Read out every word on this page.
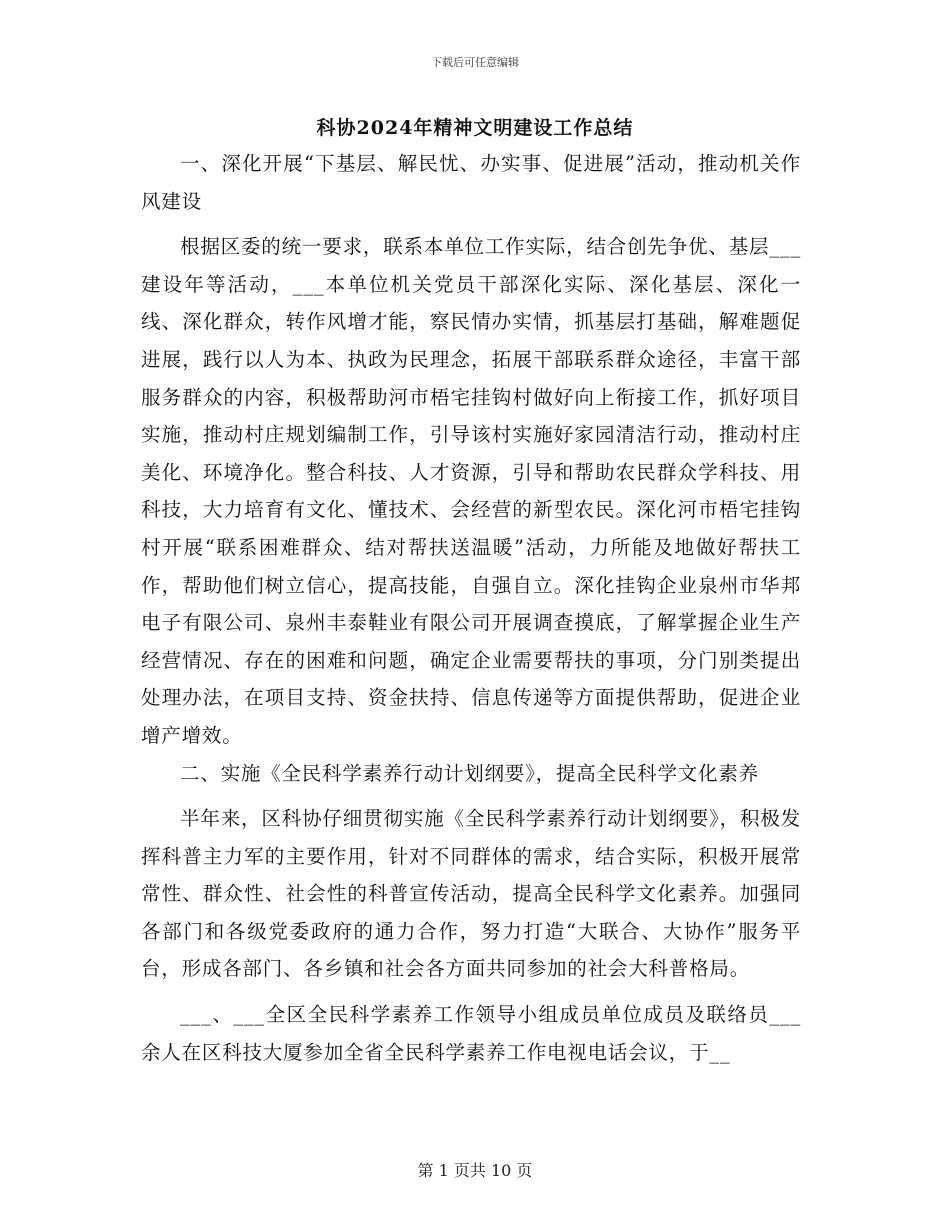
下载后可任意编辑
科协2024年精神文明建设工作总结

一、深化开展“下基层、解民忧、办实事、促进展”活动，推动机关作风建设

根据区委的统一要求，联系本单位工作实际，结合创先争优、基层___建设年等活动，___本单位机关党员干部深化实际、深化基层、深化一线、深化群众，转作风增才能，察民情办实情，抓基层打基础，解难题促进展，践行以人为本、执政为民理念，拓展干部联系群众途径，丰富干部服务群众的内容，积极帮助河市梧宅挂钩村做好向上衔接工作，抓好项目实施，推动村庄规划编制工作，引导该村实施好家园清洁行动，推动村庄美化、环境净化。整合科技、人才资源，引导和帮助农民群众学科技、用科技，大力培育有文化、懂技术、会经营的新型农民。深化河市梧宅挂钩村开展“联系困难群众、结对帮扶送温暖”活动，力所能及地做好帮扶工作，帮助他们树立信心，提高技能，自强自立。深化挂钩企业泉州市华邦电子有限公司、泉州丰泰鞋业有限公司开展调查摸底，了解掌握企业生产经营情况、存在的困难和问题，确定企业需要帮扶的事项，分门别类提出处理办法，在项目支持、资金扶持、信息传递等方面提供帮助，促进企业增产增效。

二、实施《全民科学素养行动计划纲要》，提高全民科学文化素养

半年来，区科协仔细贯彻实施《全民科学素养行动计划纲要》，积极发挥科普主力军的主要作用，针对不同群体的需求，结合实际，积极开展常常性、群众性、社会性的科普宣传活动，提高全民科学文化素养。加强同各部门和各级党委政府的通力合作，努力打造“大联合、大协作”服务平台，形成各部门、各乡镇和社会各方面共同参加的社会大科普格局。

___、___全区全民科学素养工作领导小组成员单位成员及联络员___余人在区科技大厦参加全省全民科学素养工作电视电话会议，于__

第 1 页共 10 页
